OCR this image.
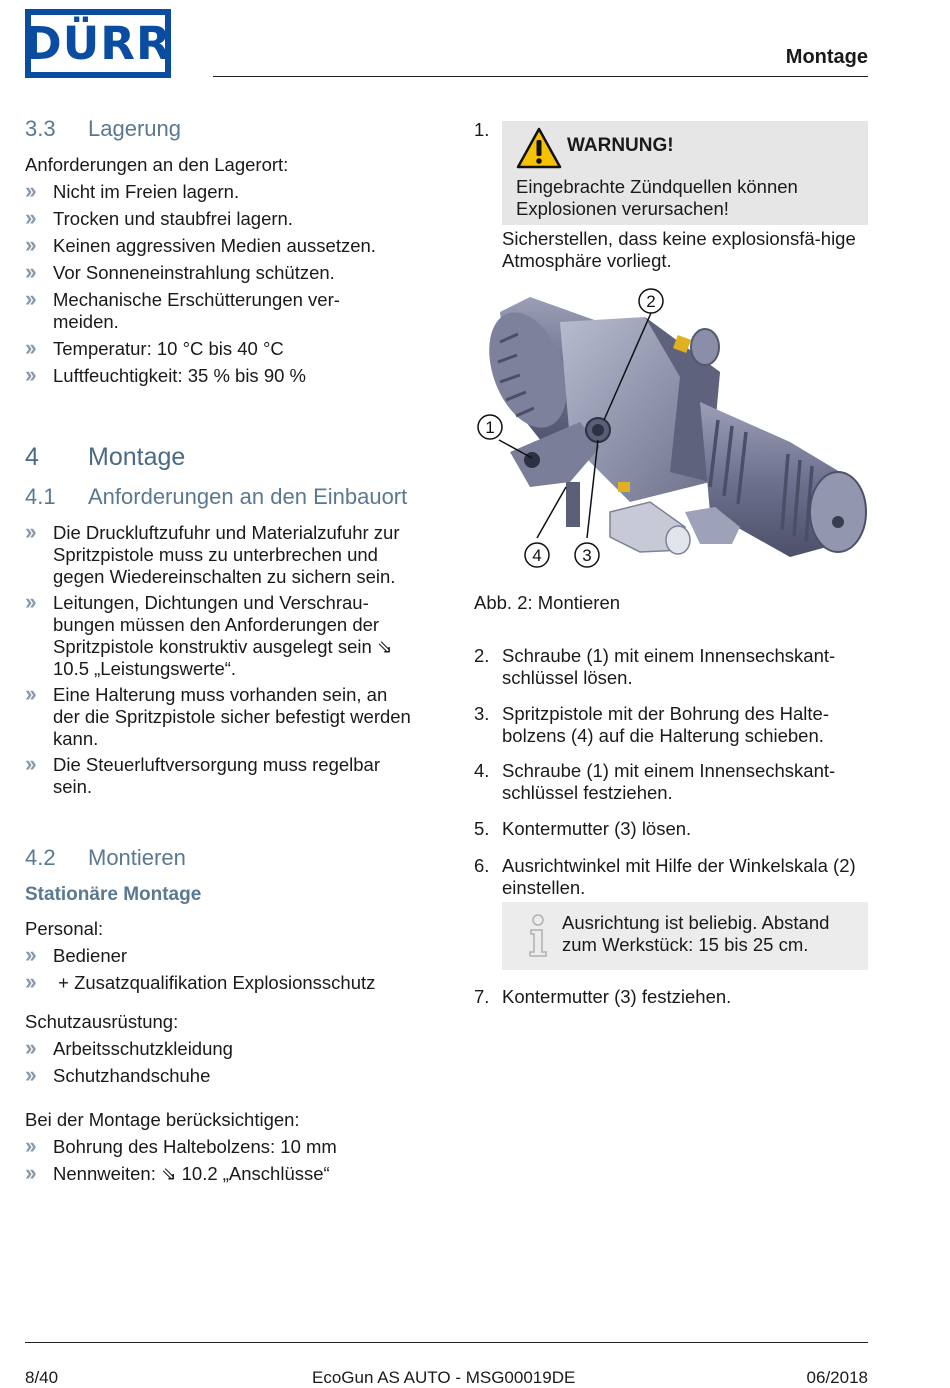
DÜRR	Montage
3.3 Lagerung
Anforderungen an den Lagerort:
›› Nicht im Freien lagern.
›› Trocken und staubfrei lagern.
›› Keinen aggressiven Medien aussetzen.
›› Vor Sonneneinstrahlung schützen.
›› Mechanische Erschütterungen ver-
meiden.
›› Temperatur: 10 °C bis 40 °C
›› Luftfeuchtigkeit: 35 % bis 90 %
4 Montage
4.1 Anforderungen an den Einbauort
›› Die Druckluftzufuhr und Materialzufuhr zur Spritzpistole muss zu unterbrechen und gegen Wiedereinschalten zu sichern sein.
›› Leitungen, Dichtungen und Verschrau-bungen müssen den Anforderungen der Spritzpistole konstruktiv ausgelegt sein ⇘ 10.5 „Leistungswerte“.
›› Eine Halterung muss vorhanden sein, an der die Spritzpistole sicher befestigt werden kann.
›› Die Steuerluftversorgung muss regelbar sein.
4.2 Montieren
Stationäre Montage
Personal:
›› Bediener
›› + Zusatzqualifikation Explosionsschutz
Schutzausrüstung:
›› Arbeitsschutzkleidung
›› Schutzhandschuhe
Bei der Montage berücksichtigen:
›› Bohrung des Haltebolzens: 10 mm
›› Nennweiten: ⇘ 10.2 „Anschlüsse“
1.
WARNUNG!
Eingebrachte Zündquellen können Explosionen verursachen!
Sicherstellen, dass keine explosionsfä-hige Atmosphäre vorliegt.
2
1
4 3
Abb. 2: Montieren
2. Schraube (1) mit einem Innensechskant-schlüssel lösen.
3. Spritzpistole mit der Bohrung des Halte-bolzens (4) auf die Halterung schieben.
4. Schraube (1) mit einem Innensechskant-schlüssel festziehen.
5. Kontermutter (3) lösen.
6. Ausrichtwinkel mit Hilfe der Winkelskala (2) einstellen.
Ausrichtung ist beliebig. Abstand zum Werkstück: 15 bis 25 cm.
7. Kontermutter (3) festziehen.
8/40	EcoGun AS AUTO - MSG00019DE	06/2018
